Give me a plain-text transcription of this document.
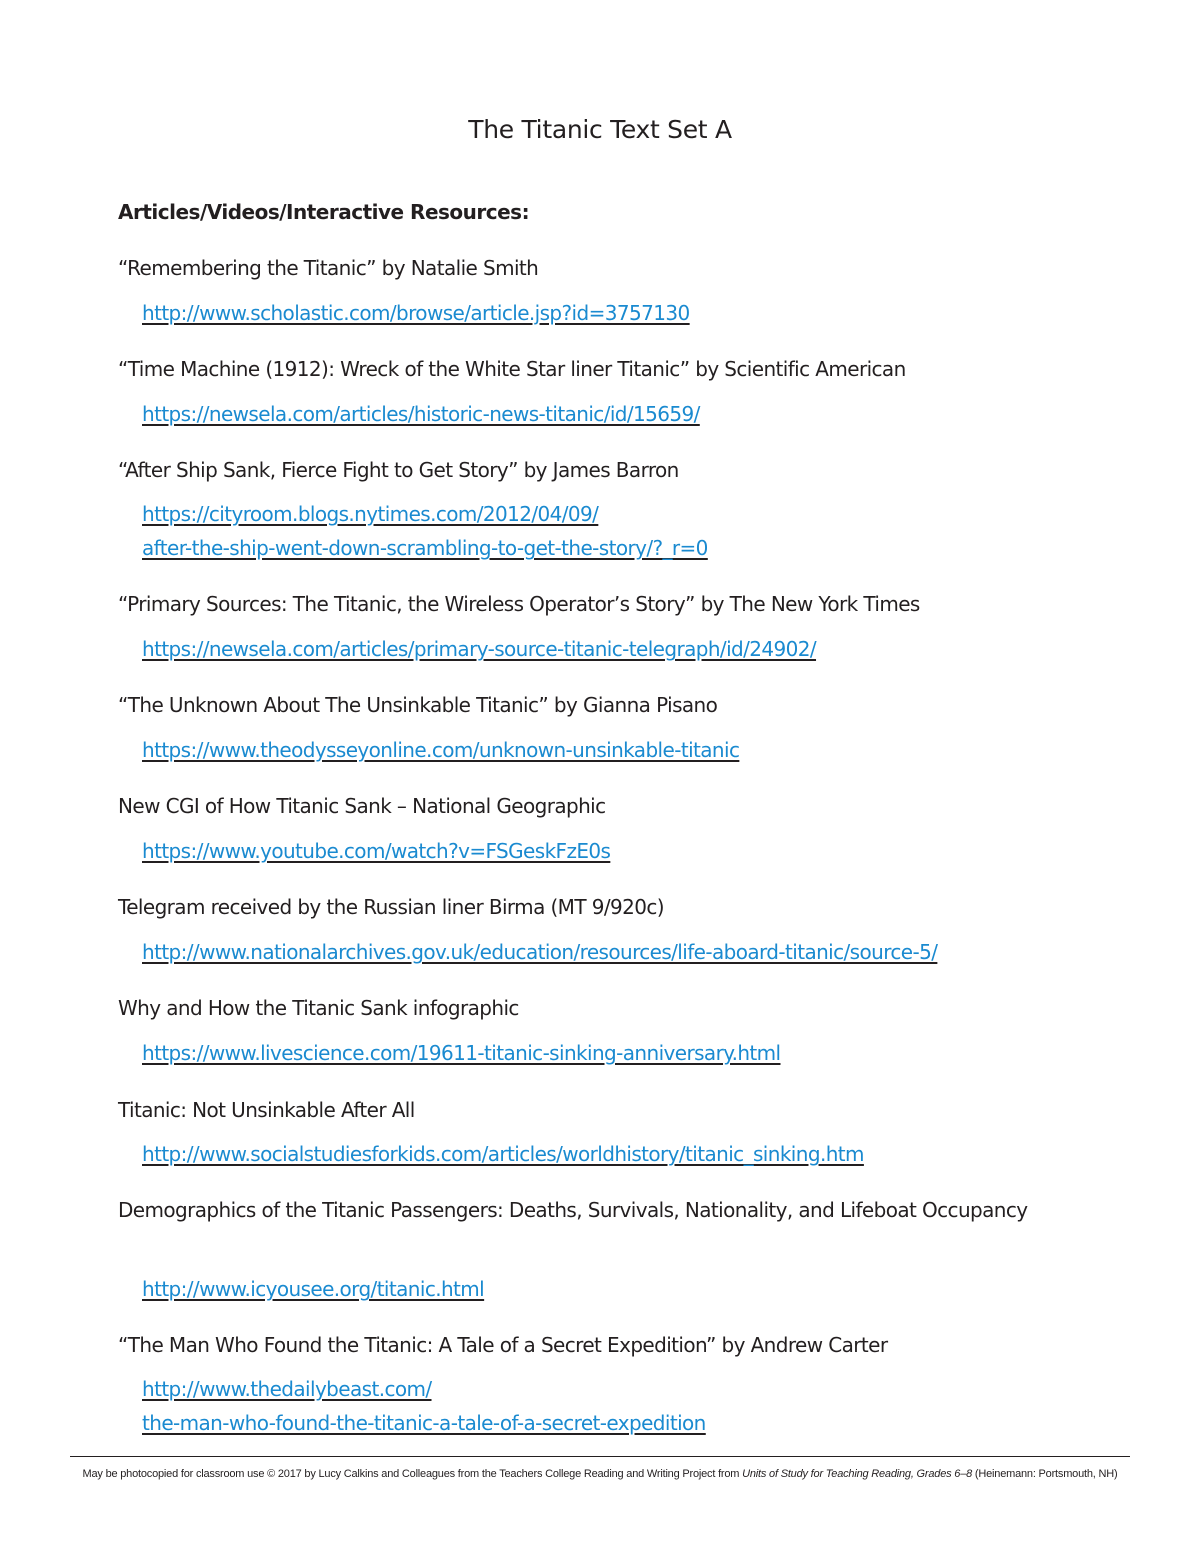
The Titanic Text Set A
Articles/Videos/Interactive Resources:
“Remembering the Titanic” by Natalie Smith
http://www.scholastic.com/browse/article.jsp?id=3757130
“Time Machine (1912): Wreck of the White Star liner Titanic” by Scientific American
https://newsela.com/articles/historic-news-titanic/id/15659/
“After Ship Sank, Fierce Fight to Get Story” by James Barron
https://cityroom.blogs.nytimes.com/2012/04/09/
after-the-ship-went-down-scrambling-to-get-the-story/?_r=0
“Primary Sources: The Titanic, the Wireless Operator’s Story” by The New York Times
https://newsela.com/articles/primary-source-titanic-telegraph/id/24902/
“The Unknown About The Unsinkable Titanic” by Gianna Pisano
https://www.theodysseyonline.com/unknown-unsinkable-titanic
New CGI of How Titanic Sank – National Geographic
https://www.youtube.com/watch?v=FSGeskFzE0s
Telegram received by the Russian liner Birma (MT 9/920c)
http://www.nationalarchives.gov.uk/education/resources/life-aboard-titanic/source-5/
Why and How the Titanic Sank infographic
https://www.livescience.com/19611-titanic-sinking-anniversary.html
Titanic: Not Unsinkable After All
http://www.socialstudiesforkids.com/articles/worldhistory/titanic_sinking.htm
Demographics of the Titanic Passengers: Deaths, Survivals, Nationality, and Lifeboat Occupancy
http://www.icyousee.org/titanic.html
“The Man Who Found the Titanic: A Tale of a Secret Expedition” by Andrew Carter
http://www.thedailybeast.com/
the-man-who-found-the-titanic-a-tale-of-a-secret-expedition
May be photocopied for classroom use © 2017 by Lucy Calkins and Colleagues from the Teachers College Reading and Writing Project from Units of Study for Teaching Reading, Grades 6–8 (Heinemann: Portsmouth, NH)
